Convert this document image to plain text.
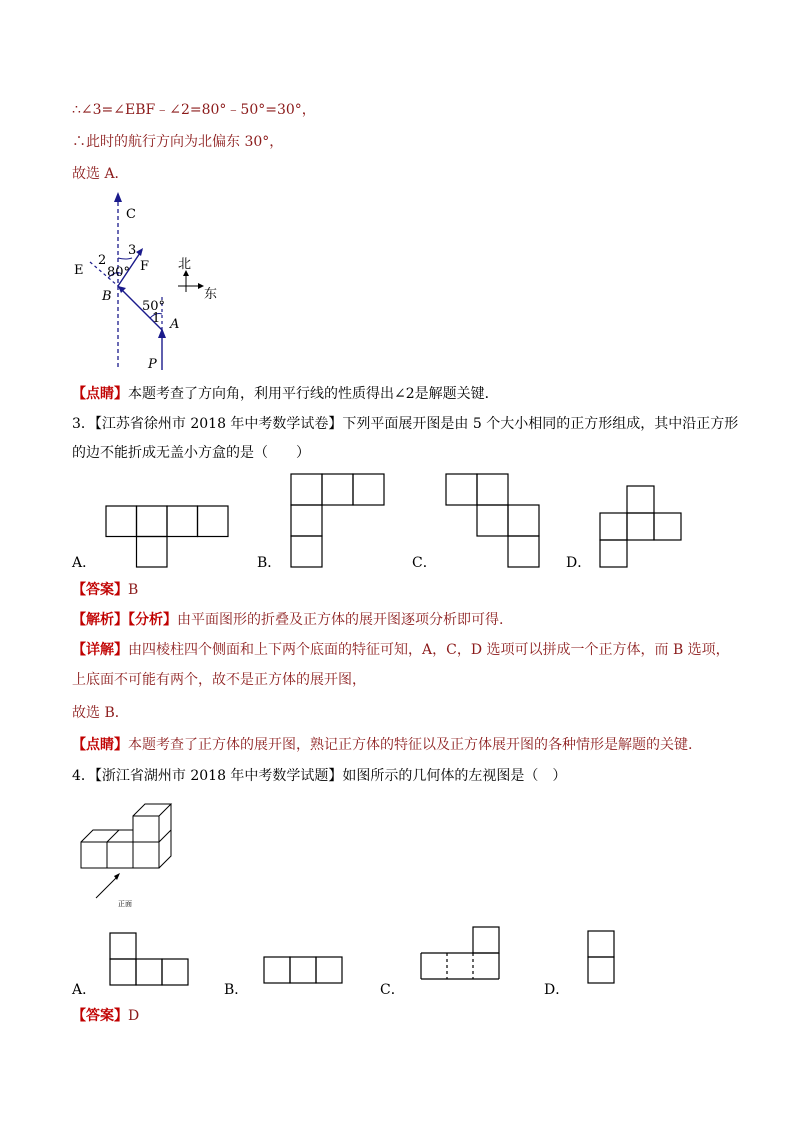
∴∠3=∠EBF﹣∠2=80°﹣50°=30°，
∴此时的航行方向为北偏东 30°，
故选 A．
C
E	F
B
A
P
2
3
1
80°
50°
北
东
【点睛】本题考查了方向角，利用平行线的性质得出∠2是解题关键．
3．【江苏省徐州市 2018 年中考数学试卷】下列平面展开图是由 5 个大小相同的正方形组成，其中沿正方形
的边不能折成无盖小方盒的是（　　）
A．	B．	C．	D．
【答案】B
【解析】【分析】由平面图形的折叠及正方体的展开图逐项分析即可得.
【详解】由四棱柱四个侧面和上下两个底面的特征可知，A，C，D 选项可以拼成一个正方体，而 B 选项，
上底面不可能有两个，故不是正方体的展开图，
故选 B．
【点睛】本题考查了正方体的展开图，熟记正方体的特征以及正方体展开图的各种情形是解题的关键.
4．【浙江省湖州市 2018 年中考数学试题】如图所示的几何体的左视图是（　）
正面
A．	B．	C．	D．
【答案】D
